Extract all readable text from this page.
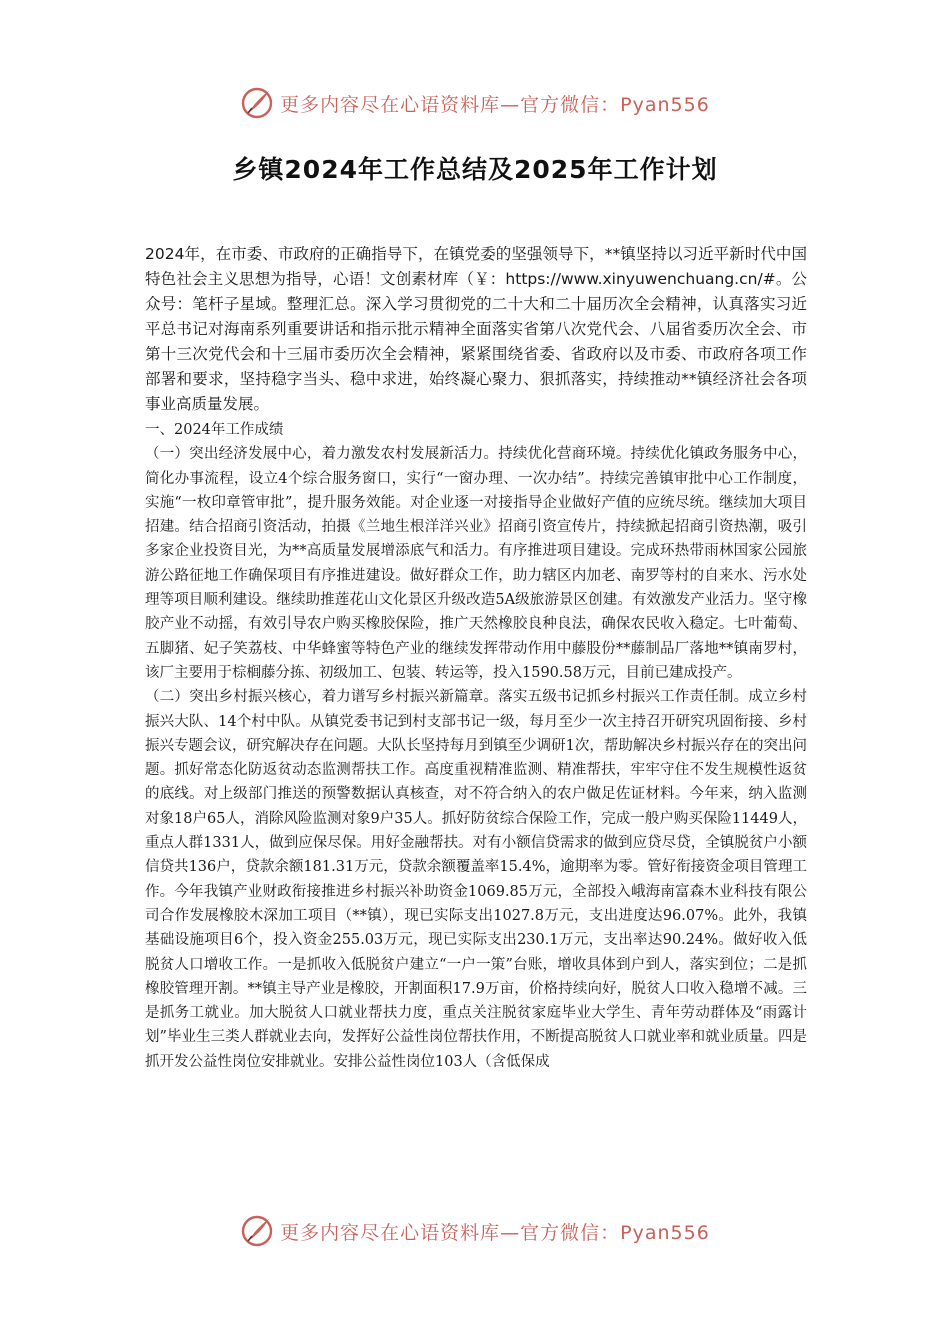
更多内容尽在心语资料库—官方微信：Pyan556
乡镇2024年工作总结及2025年工作计划

2024年，在市委、市政府的正确指导下，在镇党委的坚强领导下，**镇坚持以习近平新时代中国特色社会主义思想为指导，心语！文创素材库（￥：https://www.xinyuwenchuang.cn/#。公众号：笔杆子星域。整理汇总。深入学习贯彻党的二十大和二十届历次全会精神，认真落实习近平总书记对海南系列重要讲话和指示批示精神全面落实省第八次党代会、八届省委历次全会、市第十三次党代会和十三届市委历次全会精神，紧紧围绕省委、省政府以及市委、市政府各项工作部署和要求，坚持稳字当头、稳中求进，始终凝心聚力、狠抓落实，持续推动**镇经济社会各项事业高质量发展。

一、2024年工作成绩

（一）突出经济发展中心，着力激发农村发展新活力。持续优化营商环境。持续优化镇政务服务中心，简化办事流程，设立4个综合服务窗口，实行“一窗办理、一次办结”。持续完善镇审批中心工作制度，实施“一枚印章管审批”，提升服务效能。对企业逐一对接指导企业做好产值的应统尽统。继续加大项目招建。结合招商引资活动，拍摄《兰地生根洋洋兴业》招商引资宣传片，持续掀起招商引资热潮，吸引多家企业投资目光，为**高质量发展增添底气和活力。有序推进项目建设。完成环热带雨林国家公园旅游公路征地工作确保项目有序推进建设。做好群众工作，助力辖区内加老、南罗等村的自来水、污水处理等项目顺利建设。继续助推莲花山文化景区升级改造5A级旅游景区创建。有效激发产业活力。坚守橡胶产业不动摇，有效引导农户购买橡胶保险，推广天然橡胶良种良法，确保农民收入稳定。七叶葡萄、五脚猪、妃子笑荔枝、中华蜂蜜等特色产业的继续发挥带动作用中藤股份**藤制品厂落地**镇南罗村，该厂主要用于棕榈藤分拣、初级加工、包装、转运等，投入1590.58万元，目前已建成投产。

（二）突出乡村振兴核心，着力谱写乡村振兴新篇章。落实五级书记抓乡村振兴工作责任制。成立乡村振兴大队、14个村中队。从镇党委书记到村支部书记一级，每月至少一次主持召开研究巩固衔接、乡村振兴专题会议，研究解决存在问题。大队长坚持每月到镇至少调研1次，帮助解决乡村振兴存在的突出问题。抓好常态化防返贫动态监测帮扶工作。高度重视精准监测、精准帮扶，牢牢守住不发生规模性返贫的底线。对上级部门推送的预警数据认真核查，对不符合纳入的农户做足佐证材料。今年来，纳入监测对象18户65人，消除风险监测对象9户35人。抓好防贫综合保险工作，完成一般户购买保险11449人，重点人群1331人，做到应保尽保。用好金融帮扶。对有小额信贷需求的做到应贷尽贷，全镇脱贫户小额信贷共136户，贷款余额181.31万元，贷款余额覆盖率15.4%，逾期率为零。管好衔接资金项目管理工作。今年我镇产业财政衔接推进乡村振兴补助资金1069.85万元，全部投入峨海南富森木业科技有限公司合作发展橡胶木深加工项目（**镇），现已实际支出1027.8万元，支出进度达96.07%。此外，我镇基础设施项目6个，投入资金255.03万元，现已实际支出230.1万元，支出率达90.24%。做好收入低脱贫人口增收工作。一是抓收入低脱贫户建立“一户一策”台账，增收具体到户到人，落实到位；二是抓橡胶管理开割。**镇主导产业是橡胶，开割面积17.9万亩，价格持续向好，脱贫人口收入稳增不减。三是抓务工就业。加大脱贫人口就业帮扶力度，重点关注脱贫家庭毕业大学生、青年劳动群体及“雨露计划”毕业生三类人群就业去向，发挥好公益性岗位帮扶作用，不断提高脱贫人口就业率和就业质量。四是抓开发公益性岗位安排就业。安排公益性岗位103人（含低保成

更多内容尽在心语资料库—官方微信：Pyan556
